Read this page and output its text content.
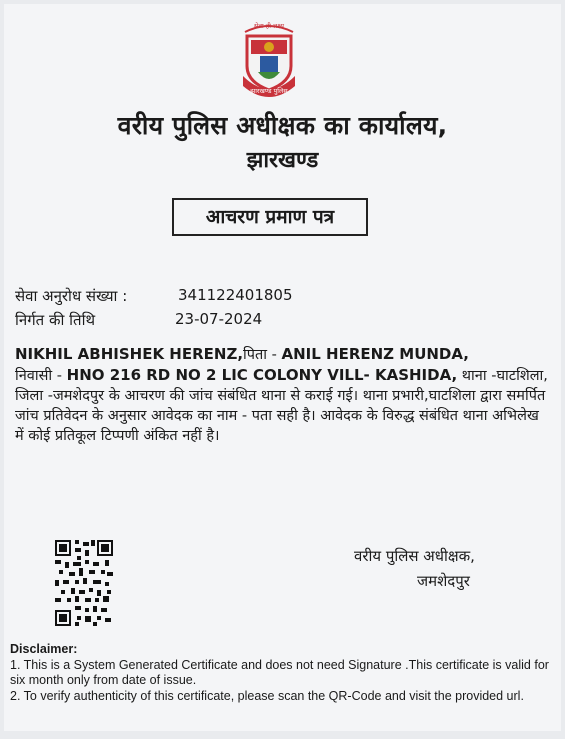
सेवा ही लक्ष्य
झारखण्ड पुलिस
वरीय पुलिस अधीक्षक का कार्यालय,
झारखण्ड
आचरण प्रमाण पत्र
सेवा अनुरोध संख्या :	341122401805
निर्गत की तिथि	23-07-2024
NIKHIL ABHISHEK HERENZ,पिता - ANIL HERENZ MUNDA,
निवासी - HNO 216 RD NO 2 LIC COLONY VILL- KASHIDA, थाना -घाटशिला, जिला -जमशेदपुर के आचरण की जांच संबंधित थाना से कराई गई। थाना प्रभारी,घाटशिला द्वारा समर्पित जांच प्रतिवेदन के अनुसार आवेदक का नाम - पता सही है। आवेदक के विरुद्ध संबंधित थाना अभिलेख में कोई प्रतिकूल टिप्पणी अंकित नहीं है।
वरीय पुलिस अधीक्षक,
जमशेदपुर
Disclaimer:
1. This is a System Generated Certificate and does not need Signature .This certificate is valid for six month only from date of issue.
2. To verify authenticity of this certificate, please scan the QR-Code and visit the provided url.
